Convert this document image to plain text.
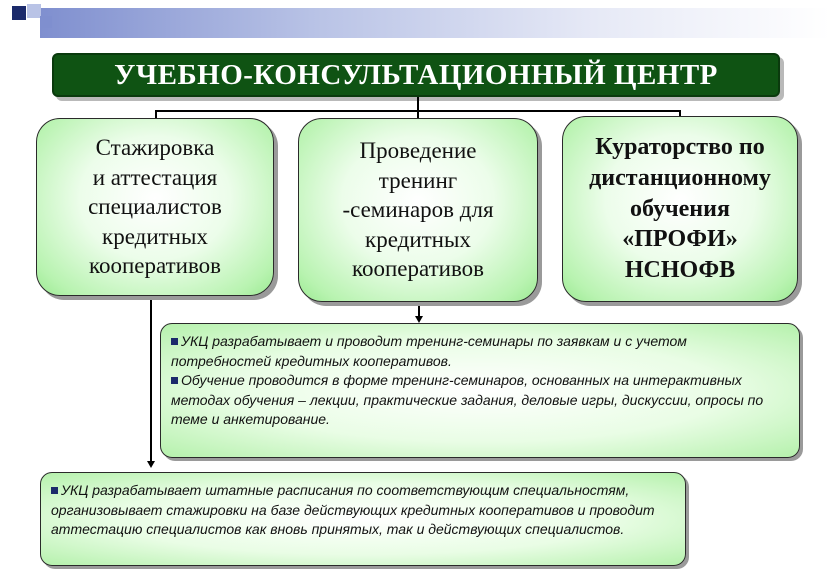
УЧЕБНО-КОНСУЛЬТАЦИОННЫЙ ЦЕНТР
Стажировка
и аттестация
специалистов
кредитных
кооперативов
Проведение
тренинг
-семинаров для
кредитных
кооперативов
Кураторство по
дистанционному
обучения
«ПРОФИ»
НСНОФВ

УКЦ разрабатывает и проводит тренинг-семинары по заявкам и с учетом потребностей кредитных кооперативов.

Обучение проводится в форме тренинг-семинаров, основанных на интерактивных методах обучения – лекции, практические задания, деловые игры, дискуссии, опросы по теме и анкетирование.

УКЦ разрабатывает штатные расписания по соответствующим специальностям, организовывает стажировки на базе действующих кредитных кооперативов и проводит аттестацию специалистов как вновь принятых, так и действующих специалистов.
